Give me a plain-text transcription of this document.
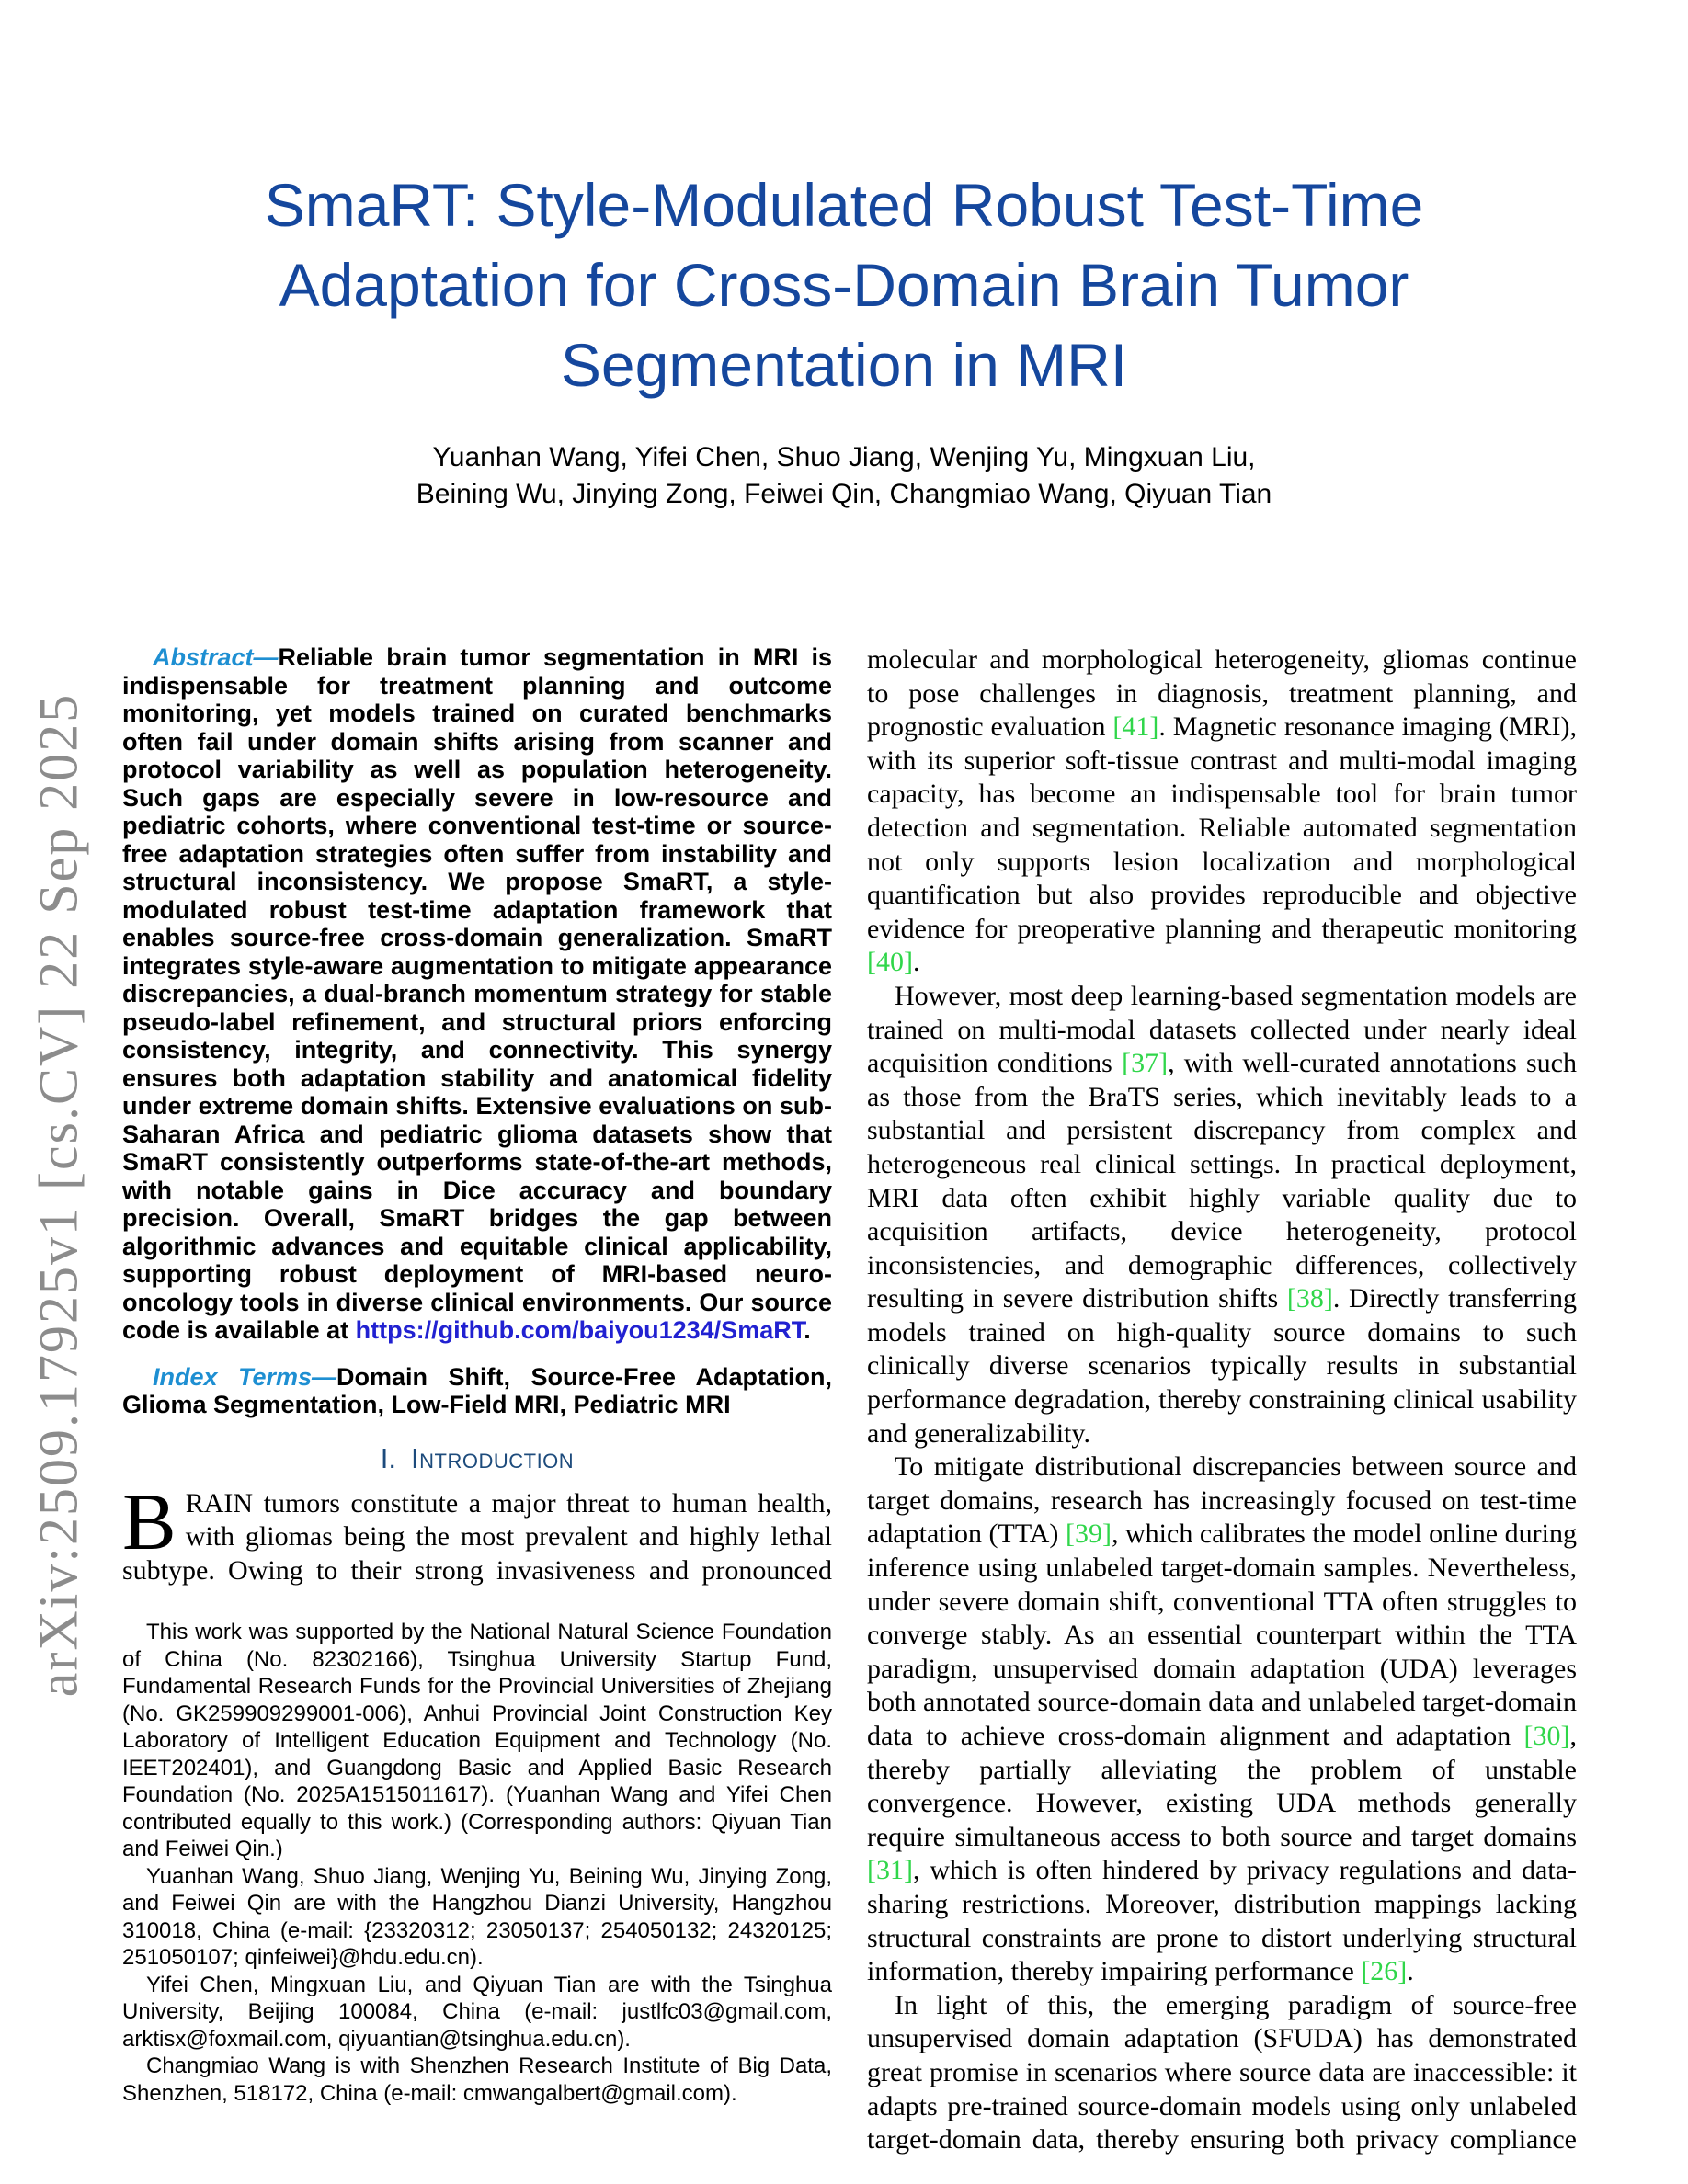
arXiv:2509.17925v1 [cs.CV] 22 Sep 2025
SmaRT: Style-Modulated Robust Test-Time
Adaptation for Cross-Domain Brain Tumor
Segmentation in MRI
Yuanhan Wang, Yifei Chen, Shuo Jiang, Wenjing Yu, Mingxuan Liu,
Beining Wu, Jinying Zong, Feiwei Qin, Changmiao Wang, Qiyuan Tian

Abstract—Reliable brain tumor segmentation in MRI is indispensable for treatment planning and outcome monitoring, yet models trained on curated benchmarks often fail under domain shifts arising from scanner and protocol variability as well as population heterogeneity. Such gaps are especially severe in low-resource and pediatric cohorts, where conventional test-time or source-free adaptation strategies often suffer from instability and structural inconsistency. We propose SmaRT, a style-modulated robust test-time adaptation framework that enables source-free cross-domain generalization. SmaRT integrates style-aware augmentation to mitigate appearance discrepancies, a dual-branch momentum strategy for stable pseudo-label refinement, and structural priors enforcing consistency, integrity, and connectivity. This synergy ensures both adaptation stability and anatomical fidelity under extreme domain shifts. Extensive evaluations on sub-Saharan Africa and pediatric glioma datasets show that SmaRT consistently outperforms state-of-the-art methods, with notable gains in Dice accuracy and boundary precision. Overall, SmaRT bridges the gap between algorithmic advances and equitable clinical applicability, supporting robust deployment of MRI-based neuro-oncology tools in diverse clinical environments. Our source code is available at https://github.com/baiyou1234/SmaRT.

Index Terms—Domain Shift, Source-Free Adaptation, Glioma Segmentation, Low-Field MRI, Pediatric MRI

I. Introduction

BRAIN tumors constitute a major threat to human health, with gliomas being the most prevalent and highly lethal subtype. Owing to their strong invasiveness and pronounced

This work was supported by the National Natural Science Foundation of China (No. 82302166), Tsinghua University Startup Fund, Fundamental Research Funds for the Provincial Universities of Zhejiang (No. GK259909299001-006), Anhui Provincial Joint Construction Key Laboratory of Intelligent Education Equipment and Technology (No. IEET202401), and Guangdong Basic and Applied Basic Research Foundation (No. 2025A1515011617). (Yuanhan Wang and Yifei Chen contributed equally to this work.) (Corresponding authors: Qiyuan Tian and Feiwei Qin.)

Yuanhan Wang, Shuo Jiang, Wenjing Yu, Beining Wu, Jinying Zong, and Feiwei Qin are with the Hangzhou Dianzi University, Hangzhou 310018, China (e-mail: {23320312; 23050137; 254050132; 24320125; 251050107; qinfeiwei}@hdu.edu.cn).

Yifei Chen, Mingxuan Liu, and Qiyuan Tian are with the Tsinghua University, Beijing 100084, China (e-mail: justlfc03@gmail.com, arktisx@foxmail.com, qiyuantian@tsinghua.edu.cn).

Changmiao Wang is with Shenzhen Research Institute of Big Data, Shenzhen, 518172, China (e-mail: cmwangalbert@gmail.com).

molecular and morphological heterogeneity, gliomas continue to pose challenges in diagnosis, treatment planning, and prognostic evaluation [41]. Magnetic resonance imaging (MRI), with its superior soft-tissue contrast and multi-modal imaging capacity, has become an indispensable tool for brain tumor detection and segmentation. Reliable automated segmentation not only supports lesion localization and morphological quantification but also provides reproducible and objective evidence for preoperative planning and therapeutic monitoring [40].

However, most deep learning-based segmentation models are trained on multi-modal datasets collected under nearly ideal acquisition conditions [37], with well-curated annotations such as those from the BraTS series, which inevitably leads to a substantial and persistent discrepancy from complex and heterogeneous real clinical settings. In practical deployment, MRI data often exhibit highly variable quality due to acquisition artifacts, device heterogeneity, protocol inconsistencies, and demographic differences, collectively resulting in severe distribution shifts [38]. Directly transferring models trained on high-quality source domains to such clinically diverse scenarios typically results in substantial performance degradation, thereby constraining clinical usability and generalizability.

To mitigate distributional discrepancies between source and target domains, research has increasingly focused on test-time adaptation (TTA) [39], which calibrates the model online during inference using unlabeled target-domain samples. Nevertheless, under severe domain shift, conventional TTA often struggles to converge stably. As an essential counterpart within the TTA paradigm, unsupervised domain adaptation (UDA) leverages both annotated source-domain data and unlabeled target-domain data to achieve cross-domain alignment and adaptation [30], thereby partially alleviating the problem of unstable convergence. However, existing UDA methods generally require simultaneous access to both source and target domains [31], which is often hindered by privacy regulations and data-sharing restrictions. Moreover, distribution mappings lacking structural constraints are prone to distort underlying structural information, thereby impairing performance [26].

In light of this, the emerging paradigm of source-free unsupervised domain adaptation (SFUDA) has demonstrated great promise in scenarios where source data are inaccessible: it adapts pre-trained source-domain models using only unlabeled target-domain data, thereby ensuring both privacy compliance
